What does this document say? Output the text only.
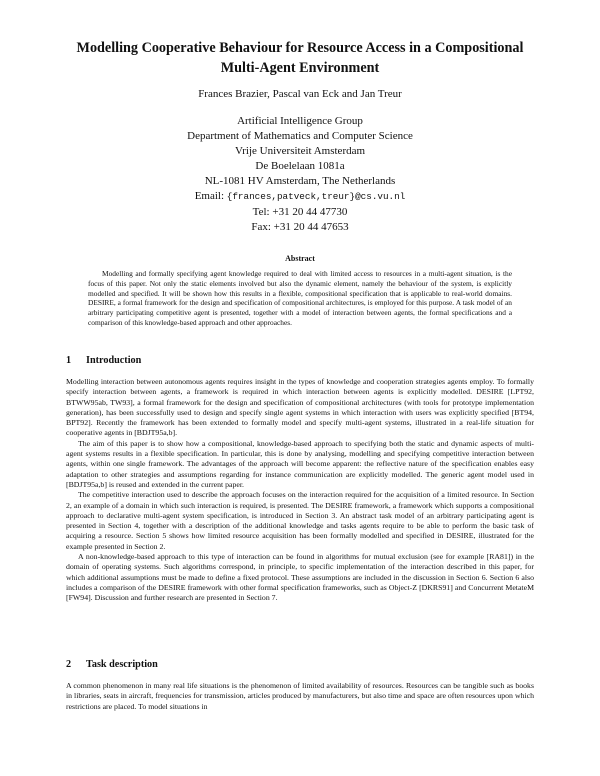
Modelling Cooperative Behaviour for Resource Access in a Compositional Multi-Agent Environment
Frances Brazier, Pascal van Eck and Jan Treur
Artificial Intelligence Group
Department of Mathematics and Computer Science
Vrije Universiteit Amsterdam
De Boelelaan 1081a
NL-1081 HV Amsterdam, The Netherlands
Email: {frances,patveck,treur}@cs.vu.nl
Tel: +31 20 44 47730
Fax: +31 20 44 47653
Abstract

Modelling and formally specifying agent knowledge required to deal with limited access to resources in a multi-agent situation, is the focus of this paper. Not only the static elements involved but also the dynamic element, namely the behaviour of the system, is explicitly modelled and specified. It will be shown how this results in a flexible, compositional specification that is applicable to real-world domains. DESIRE, a formal framework for the design and specification of compositional architectures, is employed for this purpose. A task model of an arbitrary participating competitive agent is presented, together with a model of interaction between agents, the formal specifications and a comparison of this knowledge-based approach and other approaches.

1 Introduction

Modelling interaction between autonomous agents requires insight in the types of knowledge and cooperation strategies agents employ. To formally specify interaction between agents, a framework is required in which interaction between agents is explicitly modelled. DESIRE [LPT92, BTWW95ab, TW93], a formal framework for the design and specification of compositional architectures (with tools for prototype implementation generation), has been successfully used to design and specify single agent systems in which interaction with users was explicitly specified [BT94, BPT92]. Recently the framework has been extended to formally model and specify multi-agent systems, illustrated in a real-life situation for cooperative agents in [BDJT95a,b].

The aim of this paper is to show how a compositional, knowledge-based approach to specifying both the static and dynamic aspects of multi-agent systems results in a flexible specification. In particular, this is done by analysing, modelling and specifying competitive interaction between agents, within one single framework. The advantages of the approach will become apparent: the reflective nature of the specification enables easy adaptation to other strategies and assumptions regarding for instance communication are explicitly modelled. The generic agent model used in [BDJT95a,b] is reused and extended in the current paper.

The competitive interaction used to describe the approach focuses on the interaction required for the acquisition of a limited resource. In Section 2, an example of a domain in which such interaction is required, is presented. The DESIRE framework, a framework which supports a compositional approach to declarative multi-agent system specification, is introduced in Section 3. An abstract task model of an arbitrary participating agent is presented in Section 4, together with a description of the additional knowledge and tasks agents require to be able to perform the basic task of acquiring a resource. Section 5 shows how limited resource acquisition has been formally modelled and specified in DESIRE, illustrated for the example presented in Section 2.

A non-knowledge-based approach to this type of interaction can be found in algorithms for mutual exclusion (see for example [RA81]) in the domain of operating systems. Such algorithms correspond, in principle, to specific implementation of the interaction described in this paper, for which additional assumptions must be made to define a fixed protocol. These assumptions are included in the discussion in Section 6. Section 6 also includes a comparison of the DESIRE framework with other formal specification frameworks, such as Object-Z [DKRS91] and Concurrent MetateM [FW94]. Discussion and further research are presented in Section 7.

2 Task description

A common phenomenon in many real life situations is the phenomenon of limited availability of resources. Resources can be tangible such as books in libraries, seats in aircraft, frequencies for transmission, articles produced by manufacturers, but also time and space are often resources upon which restrictions are placed. To model situations in
